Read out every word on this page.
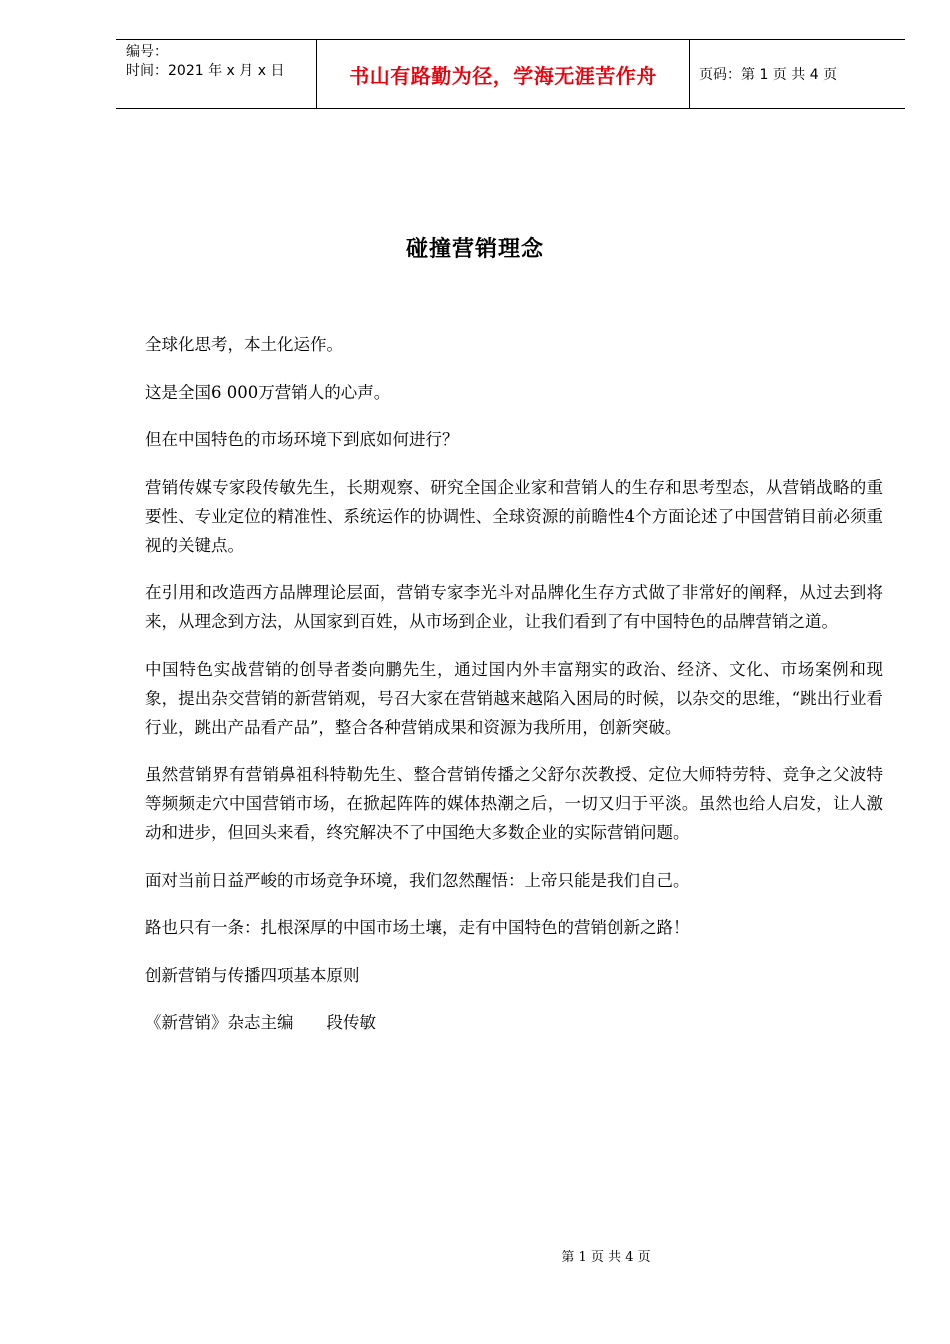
编号：
时间：2021 年 x 月 x 日	书山有路勤为径，学海无涯苦作舟	页码：第 1 页 共 4 页
碰撞营销理念

全球化思考，本土化运作。

这是全国6 000万营销人的心声。

但在中国特色的市场环境下到底如何进行？

营销传媒专家段传敏先生，长期观察、研究全国企业家和营销人的生存和思考型态，从营销战略的重要性、专业定位的精准性、系统运作的协调性、全球资源的前瞻性4个方面论述了中国营销目前必须重视的关键点。

在引用和改造西方品牌理论层面，营销专家李光斗对品牌化生存方式做了非常好的阐释，从过去到将来，从理念到方法，从国家到百姓，从市场到企业，让我们看到了有中国特色的品牌营销之道。

中国特色实战营销的创导者娄向鹏先生，通过国内外丰富翔实的政治、经济、文化、市场案例和现象，提出杂交营销的新营销观，号召大家在营销越来越陷入困局的时候，以杂交的思维，“跳出行业看行业，跳出产品看产品”，整合各种营销成果和资源为我所用，创新突破。

虽然营销界有营销鼻祖科特勒先生、整合营销传播之父舒尔茨教授、定位大师特劳特、竞争之父波特等频频走穴中国营销市场，在掀起阵阵的媒体热潮之后，一切又归于平淡。虽然也给人启发，让人激动和进步，但回头来看，终究解决不了中国绝大多数企业的实际营销问题。

面对当前日益严峻的市场竞争环境，我们忽然醒悟：上帝只能是我们自己。

路也只有一条：扎根深厚的中国市场土壤，走有中国特色的营销创新之路！

创新营销与传播四项基本原则

《新营销》杂志主编　　段传敏

第 1 页 共 4 页
